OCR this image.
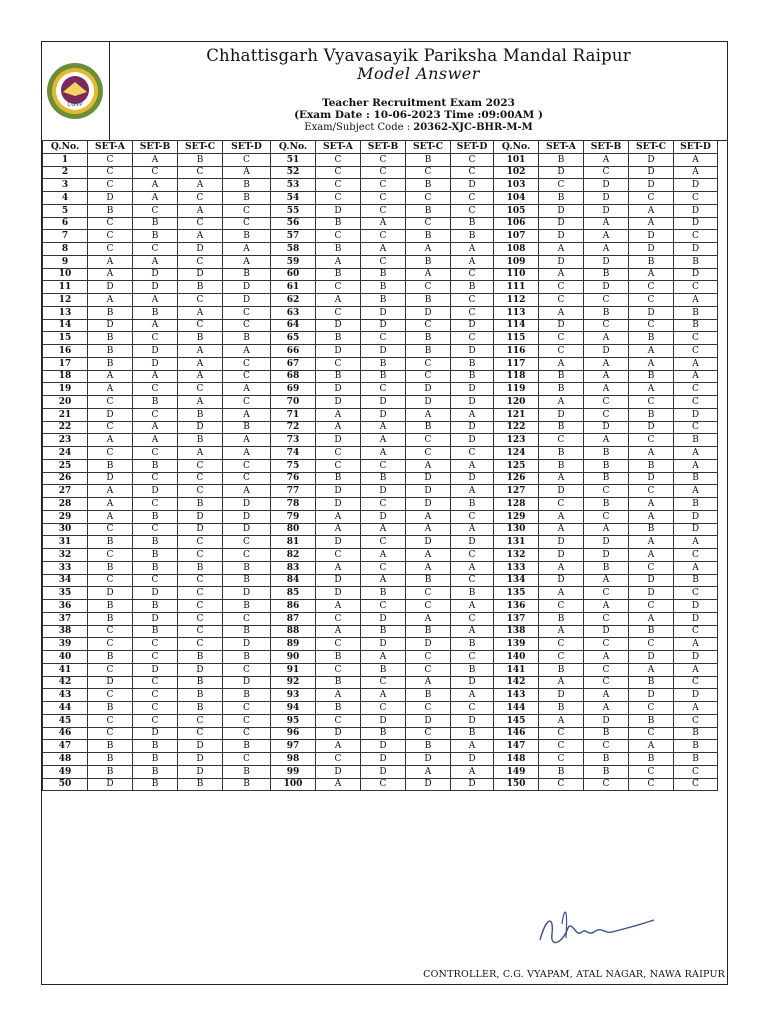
CGVP
Chhattisgarh Vyavasayik Pariksha Mandal Raipur
Model Answer
Teacher Recruitment Exam 2023
(Exam Date : 10-06-2023 Time :09:00AM )
Exam/Subject Code : 20362-XJC-BHR-M-M
Q.No.	SET-A	SET-B	SET-C	SET-D	Q.No.	SET-A	SET-B	SET-C	SET-D	Q.No.	SET-A	SET-B	SET-C	SET-D
1	C	A	B	C	51	C	C	B	C	101	B	A	D	A
2	C	C	C	A	52	C	C	C	C	102	D	C	D	A
3	C	A	A	B	53	C	C	B	D	103	C	D	D	D
4	D	A	C	B	54	C	C	C	C	104	B	D	C	C
5	B	C	A	C	55	D	C	B	C	105	D	D	A	D
6	C	B	C	C	56	B	A	C	B	106	D	A	A	D
7	C	B	A	B	57	C	C	B	B	107	D	A	D	C
8	C	C	D	A	58	B	A	A	A	108	A	A	D	D
9	A	A	C	A	59	A	C	B	A	109	D	D	B	B
10	A	D	D	B	60	B	B	A	C	110	A	B	A	D
11	D	D	B	D	61	C	B	C	B	111	C	D	C	C
12	A	A	C	D	62	A	B	B	C	112	C	C	C	A
13	B	B	A	C	63	C	D	D	C	113	A	B	D	B
14	D	A	C	C	64	D	D	C	D	114	D	C	C	B
15	B	C	B	B	65	B	C	B	C	115	C	A	B	C
16	B	D	A	A	66	D	D	B	D	116	C	D	A	C
17	B	D	A	C	67	C	B	C	B	117	A	A	A	A
18	A	A	A	C	68	B	B	C	B	118	B	A	B	A
19	A	C	C	A	69	D	C	D	D	119	B	A	A	C
20	C	B	A	C	70	D	D	D	D	120	A	C	C	C
21	D	C	B	A	71	A	D	A	A	121	D	C	B	D
22	C	A	D	B	72	A	A	B	D	122	B	D	D	C
23	A	A	B	A	73	D	A	C	D	123	C	A	C	B
24	C	C	A	A	74	C	A	C	C	124	B	B	A	A
25	B	B	C	C	75	C	C	A	A	125	B	B	B	A
26	D	C	C	C	76	B	B	D	D	126	A	B	D	B
27	A	D	C	A	77	D	D	D	A	127	D	C	C	A
28	A	C	B	D	78	D	C	D	B	128	C	B	A	B
29	A	B	D	D	79	A	D	A	C	129	A	C	A	D
30	C	C	D	D	80	A	A	A	A	130	A	A	B	D
31	B	B	C	C	81	D	C	D	D	131	D	D	A	A
32	C	B	C	C	82	C	A	A	C	132	D	D	A	C
33	B	B	B	B	83	A	C	A	A	133	A	B	C	A
34	C	C	C	B	84	D	A	B	C	134	D	A	D	B
35	D	D	C	D	85	D	B	C	B	135	A	C	D	C
36	B	B	C	B	86	A	C	C	A	136	C	A	C	D
37	B	D	C	C	87	C	D	A	C	137	B	C	A	D
38	C	B	C	B	88	A	B	B	A	138	A	D	B	C
39	C	C	C	D	89	C	D	D	B	139	C	C	C	A
40	B	C	B	B	90	B	A	C	C	140	C	A	D	D
41	C	D	D	C	91	C	B	C	B	141	B	C	A	A
42	D	C	B	D	92	B	C	A	D	142	A	C	B	C
43	C	C	B	B	93	A	A	B	A	143	D	A	D	D
44	B	C	B	C	94	B	C	C	C	144	B	A	C	A
45	C	C	C	C	95	C	D	D	D	145	A	D	B	C
46	C	D	C	C	96	D	B	C	B	146	C	B	C	B
47	B	B	D	B	97	A	D	B	A	147	C	C	A	B
48	B	B	D	C	98	C	D	D	D	148	C	B	B	B
49	B	B	D	B	99	D	D	A	A	149	B	B	C	C
50	D	B	B	B	100	A	C	D	D	150	C	C	C	C
CONTROLLER, C.G. VYAPAM, ATAL NAGAR, NAWA RAIPUR
